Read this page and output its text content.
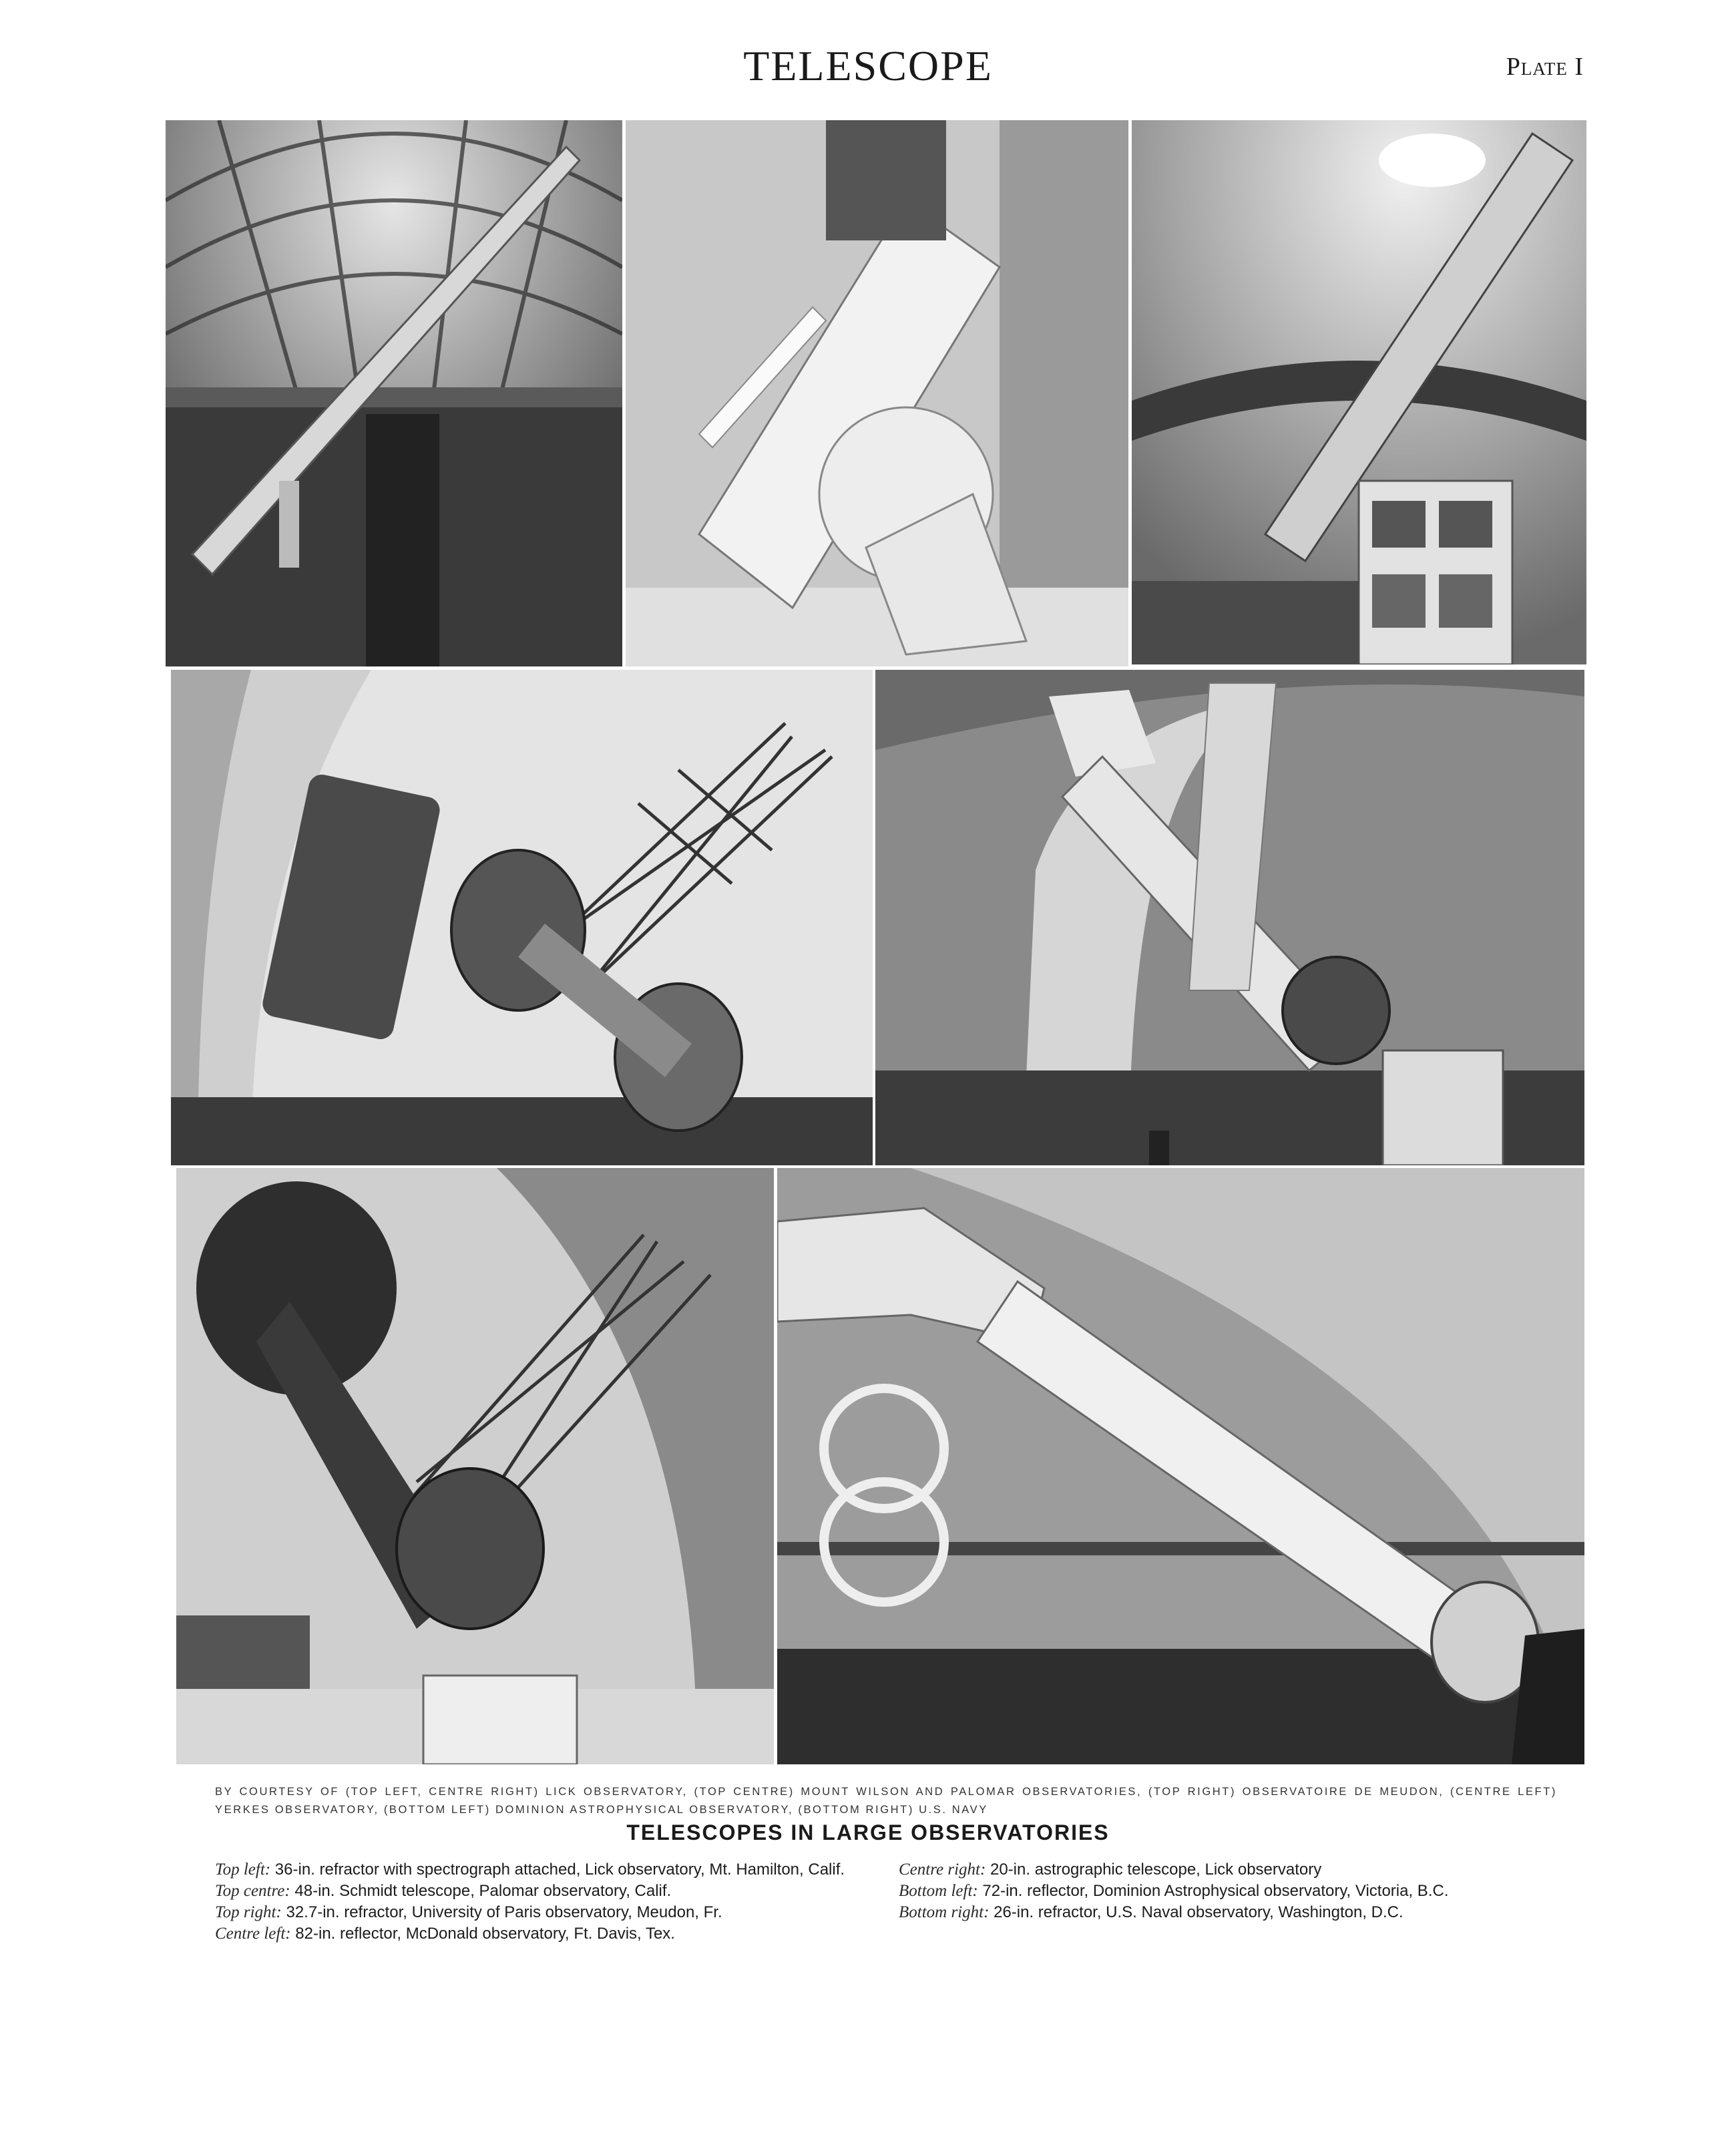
TELESCOPE	Plate I
BY COURTESY OF (TOP LEFT, CENTRE RIGHT) LICK OBSERVATORY, (TOP CENTRE) MOUNT WILSON AND PALOMAR OBSERVATORIES, (TOP RIGHT) OBSERVATOIRE DE MEUDON, (CENTRE LEFT) YERKES OBSERVATORY, (BOTTOM LEFT) DOMINION ASTROPHYSICAL OBSERVATORY, (BOTTOM RIGHT) U.S. NAVY
TELESCOPES IN LARGE OBSERVATORIES
Top left: 36-in. refractor with spectrograph attached, Lick observatory, Mt. Hamilton, Calif.
Top centre: 48-in. Schmidt telescope, Palomar observatory, Calif.
Top right: 32.7-in. refractor, University of Paris observatory, Meudon, Fr.
Centre left: 82-in. reflector, McDonald observatory, Ft. Davis, Tex.
Centre right: 20-in. astrographic telescope, Lick observatory
Bottom left: 72-in. reflector, Dominion Astrophysical observatory, Victoria, B.C.
Bottom right: 26-in. refractor, U.S. Naval observatory, Washington, D.C.
